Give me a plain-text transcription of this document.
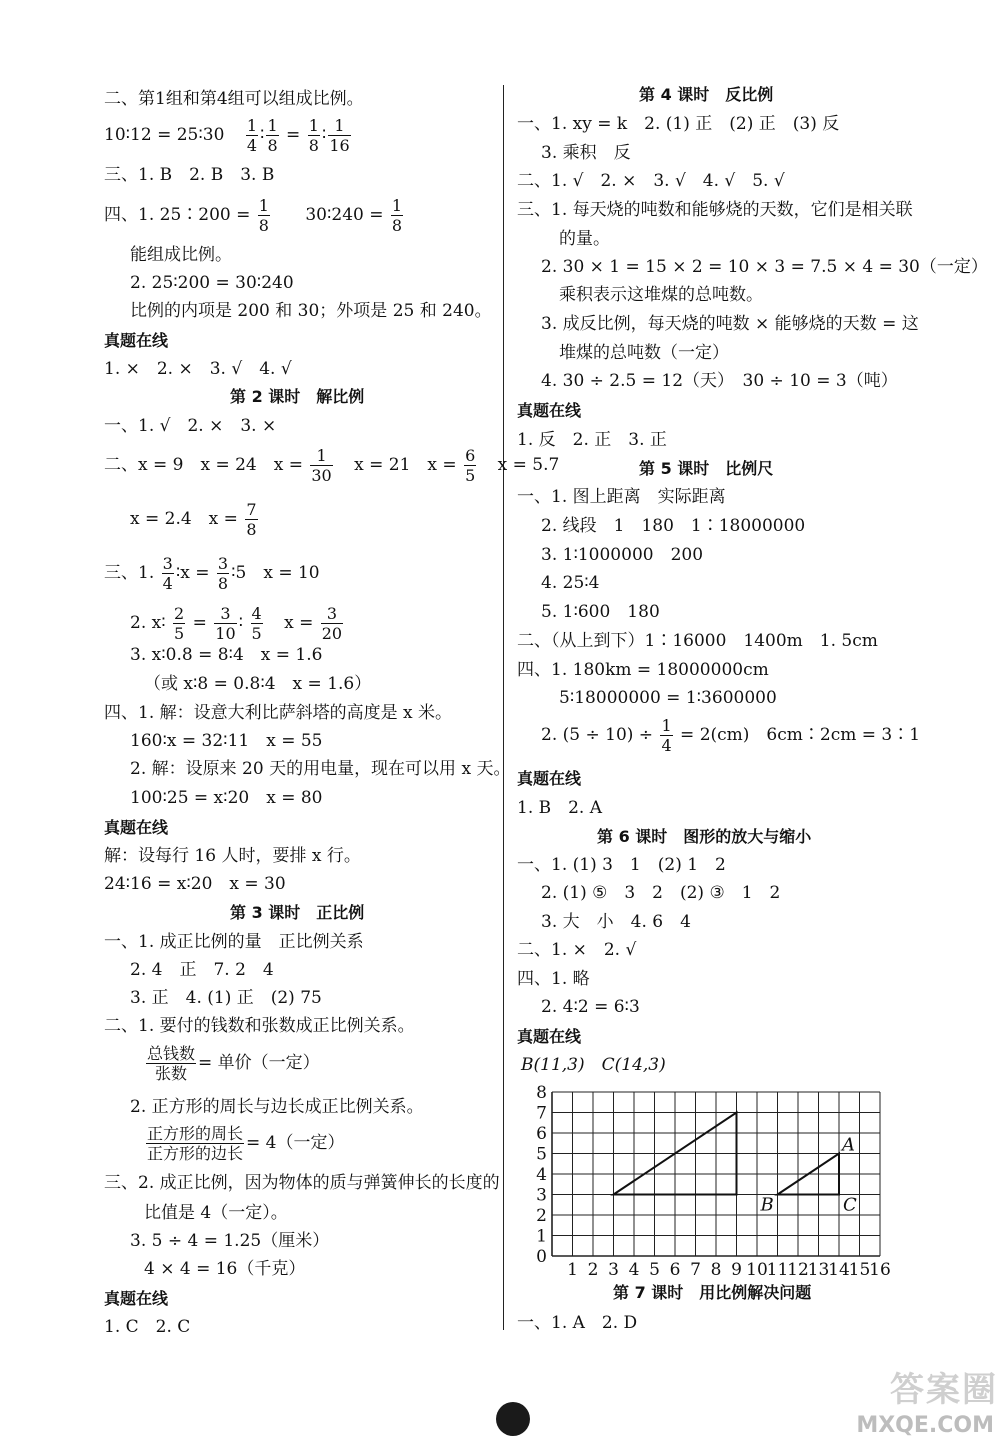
二、第1组和第4组可以组成比例。
10∶12 = 25∶30 $\frac{1}{4}$ ∶ $\frac{1}{8} = \frac{1}{8}$ ∶ $\frac{1}{16}$
三、1. B　2. B　3. B
四、1. 25∶200 = $\frac{1}{8}$ 30∶240 = $\frac{1}{8}$
能组成比例。
2. 25∶200 = 30∶240
比例的内项是 200 和 30；外项是 25 和 240。
真题在线
1. ×　2. ×　3. √　4. √
第 2 课时　解比例
一、1. √　2. ×　3. ×
二、x = 9　x = 24　$x = \frac{1}{30}$ x = 21　$x = \frac{6}{5}$ x = 5.7
x = 2.4　$x = \frac{7}{8}$
三、1. $\frac{3}{4}$ ∶x = $\frac{3}{8}$ ∶5　x = 10
2. x∶ $\frac{2}{5} = \frac{3}{10}$ ∶ $\frac{4}{5}$ $x = \frac{3}{20}$
3. x∶0.8 = 8∶4　x = 1.6
（或 x∶8 = 0.8∶4　x = 1.6）
四、1. 解：设意大利比萨斜塔的高度是 x 米。
160∶x = 32∶11　x = 55
2. 解：设原来 20 天的用电量，现在可以用 x 天。
100∶25 = x∶20　x = 80
真题在线
解：设每行 16 人时，要排 x 行。
24∶16 = x∶20　x = 30
第 3 课时　正比例
一、1. 成正比例的量　正比例关系
2. 4　正　7. 2　4
3. 正　4. (1) 正　(2) 75
二、1. 要付的钱数和张数成正比例关系。
$\frac{\text{总钱数}}{\text{张数}}$ = 单价（一定）
2. 正方形的周长与边长成正比例关系。
$\frac{\text{正方形的周长}}{\text{正方形的边长}} = 4$（一定）
三、2. 成正比例，因为物体的质与弹簧伸长的长度的
比值是 4（一定）。
3. 5 ÷ 4 = 1.25（厘米）
4 × 4 = 16（千克）
真题在线
1. C　2. C
第 4 课时　反比例
一、1. xy = k　2. (1) 正　(2) 正　(3) 反
3. 乘积　反
二、1. √　2. ×　3. √　4. √　5. √
三、1. 每天烧的吨数和能够烧的天数，它们是相关联
的量。
2. 30 × 1 = 15 × 2 = 10 × 3 = 7.5 × 4 = 30（一定）
乘积表示这堆煤的总吨数。
3. 成反比例，每天烧的吨数 × 能够烧的天数 = 这
堆煤的总吨数（一定）
4. 30 ÷ 2.5 = 12（天）　30 ÷ 10 = 3（吨）
真题在线
1. 反　2. 正　3. 正
第 5 课时　比例尺
一、1. 图上距离　实际距离
2. 线段　1　180　1∶18000000
3. 1∶1000000　200
4. 25∶4
5. 1∶600　180
二、（从上到下）1∶16000　1400m　1. 5cm
四、1. 180km = 18000000cm
5∶18000000 = 1∶3600000
2. $(5 \div 10) \div \frac{1}{4} = 2(cm)$　6cm∶2cm = 3∶1
真题在线
1. B　2. A
第 6 课时　图形的放大与缩小
一、1. (1) 3　1　(2) 1　2
2. (1) ⑤　3　2　(2) ③　1　2
3. 大　小　4. 6　4
二、1. ×　2. √
四、1. 略
2. 4∶2 = 6∶3
真题在线
B(11,3)　C(14,3)
第 7 课时　用比例解决问题
一、1. A　2. D
1 2 3 4 5 6 7 8 9 10
11
12
13
14
15
16
0
1
2
3
4
5
6
7
8
A
B	C
答案圈
MXQE.COM
